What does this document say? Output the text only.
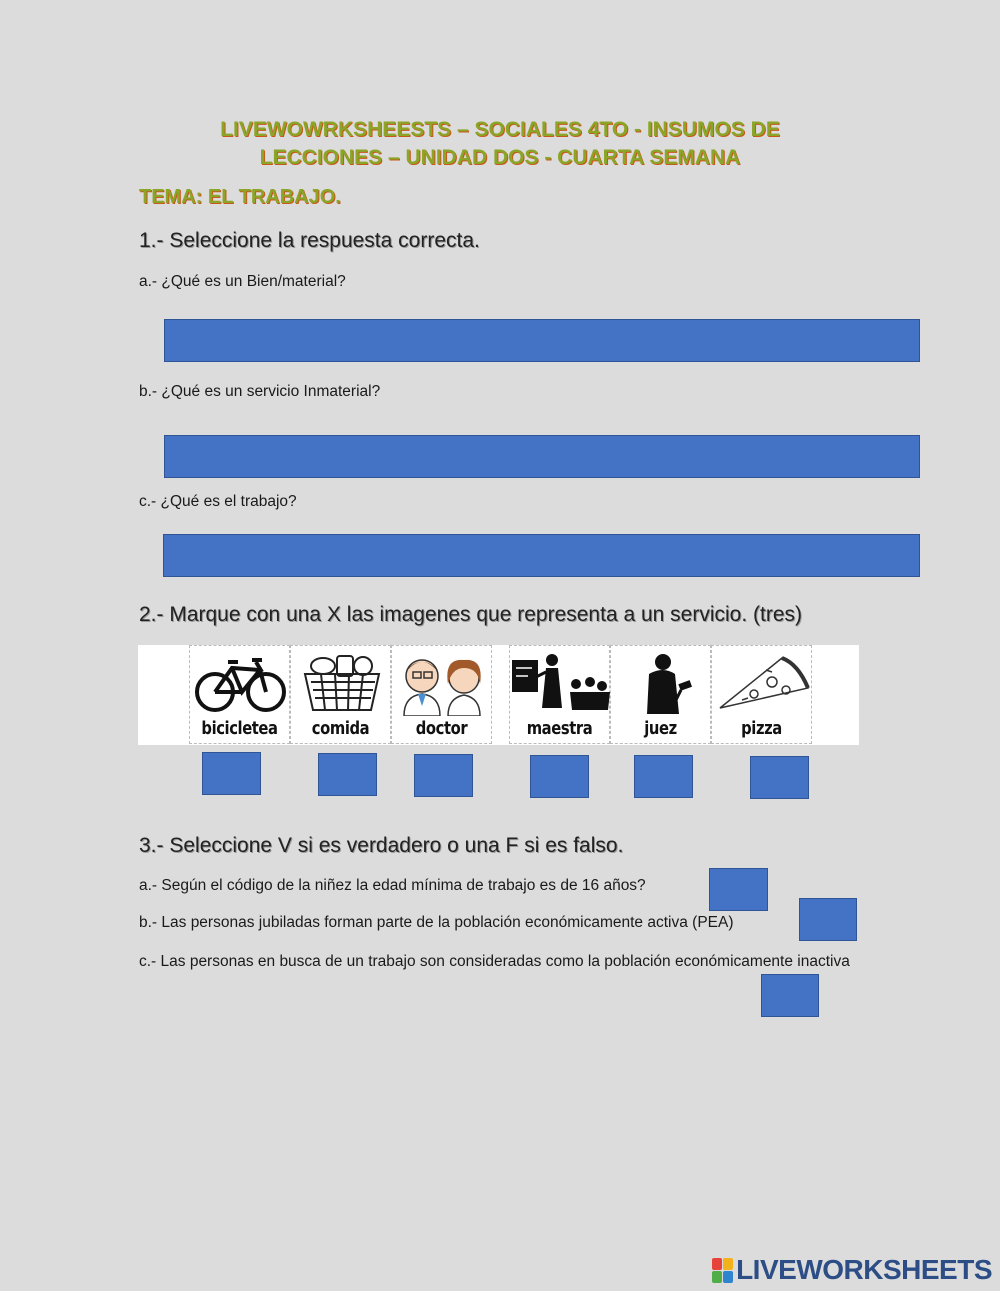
LIVEWOWRKSHEESTS – SOCIALES 4TO - INSUMOS DE
LECCIONES – UNIDAD DOS - CUARTA SEMANA
TEMA: EL TRABAJO.
1.- Seleccione la respuesta correcta.
a.- ¿Qué es un Bien/material?
b.- ¿Qué es un servicio Inmaterial?
c.- ¿Qué es el trabajo?
2.- Marque con una X las imagenes que representa a un servicio. (tres)
bicicletea	comida	doctor	maestra	juez	pizza
3.- Seleccione V si es verdadero o una F si es falso.
a.- Según el código de la niñez la edad mínima de trabajo es de 16 años?
b.- Las personas jubiladas forman parte de la población económicamente activa (PEA)
c.- Las personas en busca de un trabajo son consideradas como la población económicamente inactiva
LIVEWORKSHEETS
